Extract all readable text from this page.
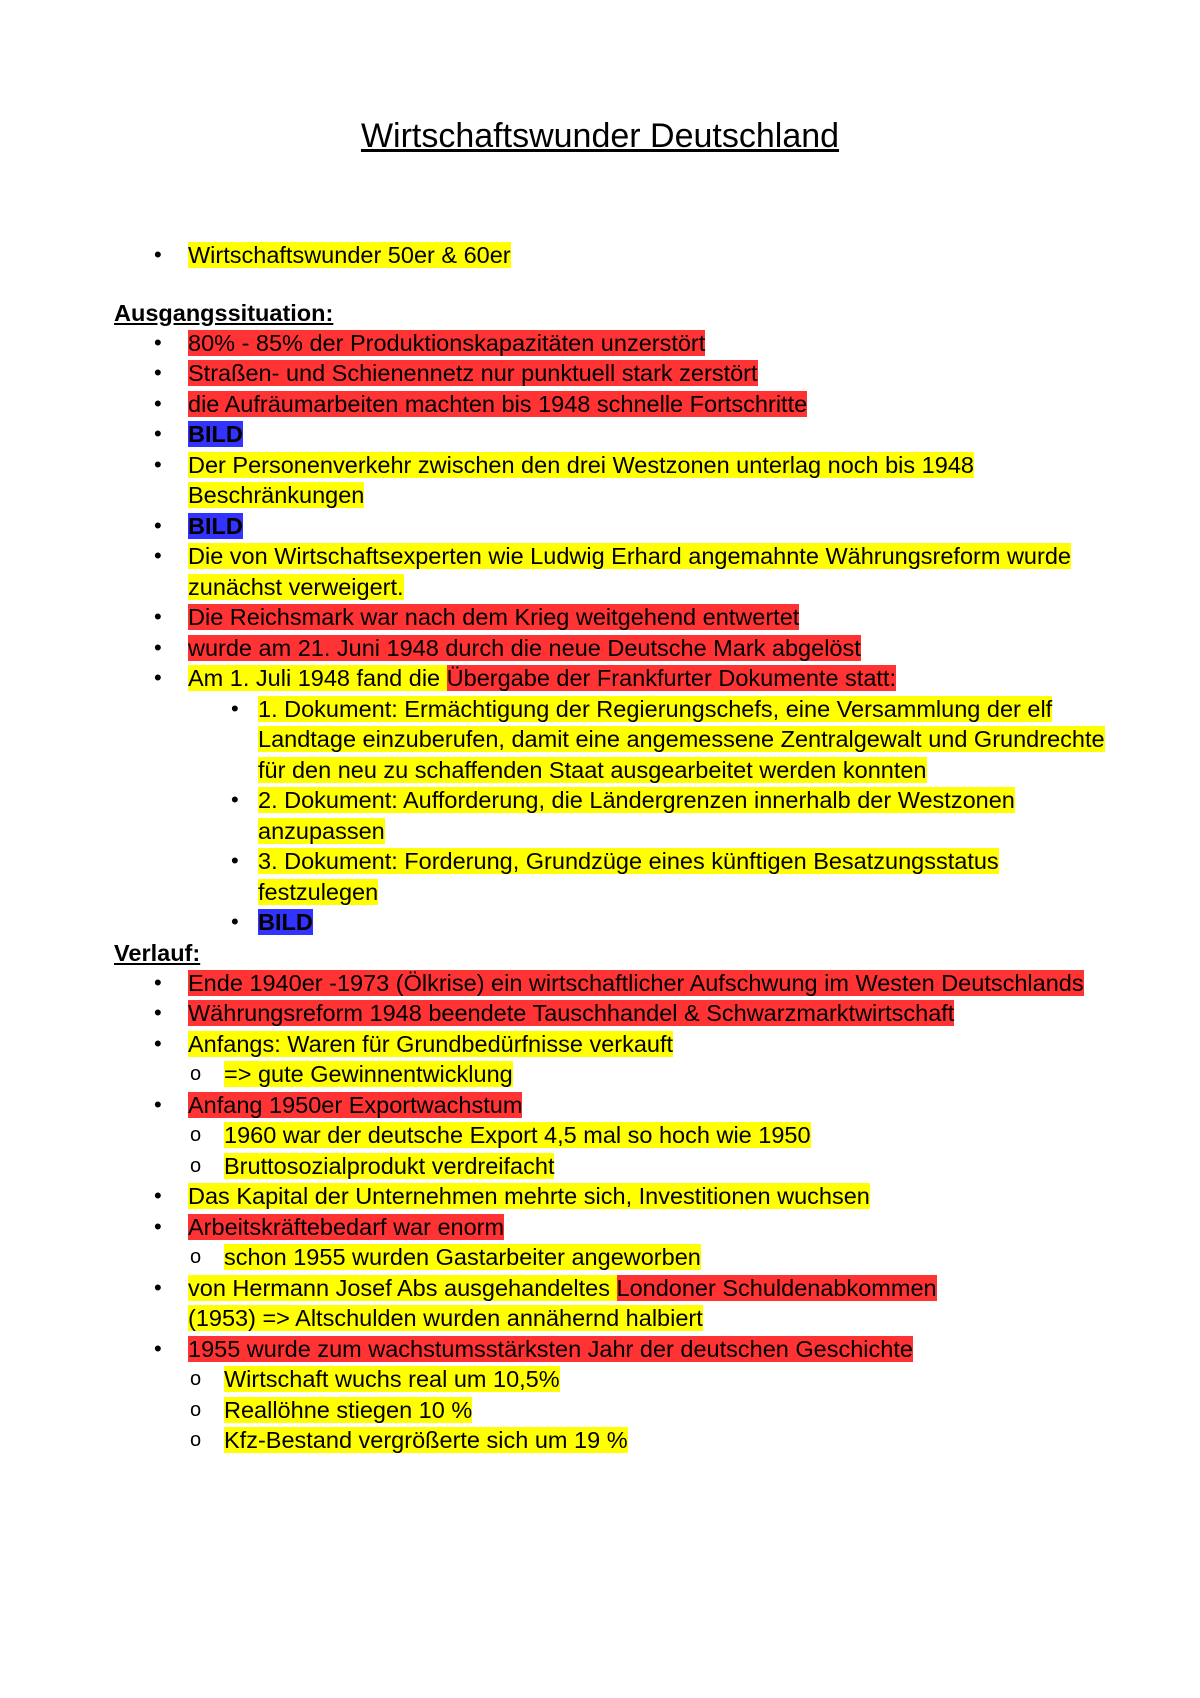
Wirtschaftswunder Deutschland
• Wirtschaftswunder 50er & 60er
Ausgangssituation:
• 80% - 85% der Produktionskapazitäten unzerstört
• Straßen- und Schienennetz nur punktuell stark zerstört
• die Aufräumarbeiten machten bis 1948 schnelle Fortschritte
• BILD
• Der Personenverkehr zwischen den drei Westzonen unterlag noch bis 1948 Beschränkungen
• BILD
• Die von Wirtschaftsexperten wie Ludwig Erhard angemahnte Währungsreform wurde zunächst verweigert.
• Die Reichsmark war nach dem Krieg weitgehend entwertet
• wurde am 21. Juni 1948 durch die neue Deutsche Mark abgelöst
• Am 1. Juli 1948 fand die Übergabe der Frankfurter Dokumente statt:
• 1. Dokument: Ermächtigung der Regierungschefs, eine Versammlung der elf Landtage einzuberufen, damit eine angemessene Zentralgewalt und Grundrechte für den neu zu schaffenden Staat ausgearbeitet werden konnten
• 2. Dokument: Aufforderung, die Ländergrenzen innerhalb der Westzonen anzupassen
• 3. Dokument: Forderung, Grundzüge eines künftigen Besatzungsstatus festzulegen
• BILD
Verlauf:
• Ende 1940er -1973 (Ölkrise) ein wirtschaftlicher Aufschwung im Westen Deutschlands
• Währungsreform 1948 beendete Tauschhandel & Schwarzmarktwirtschaft
• Anfangs: Waren für Grundbedürfnisse verkauft
o => gute Gewinnentwicklung
• Anfang 1950er Exportwachstum
o 1960 war der deutsche Export 4,5 mal so hoch wie 1950
o Bruttosozialprodukt verdreifacht
• Das Kapital der Unternehmen mehrte sich, Investitionen wuchsen
• Arbeitskräftebedarf war enorm
o schon 1955 wurden Gastarbeiter angeworben
• von Hermann Josef Abs ausgehandeltes Londoner Schuldenabkommen
(1953) => Altschulden wurden annähernd halbiert
• 1955 wurde zum wachstumsstärksten Jahr der deutschen Geschichte
o Wirtschaft wuchs real um 10,5%
o Reallöhne stiegen 10 %
o Kfz-Bestand vergrößerte sich um 19 %
